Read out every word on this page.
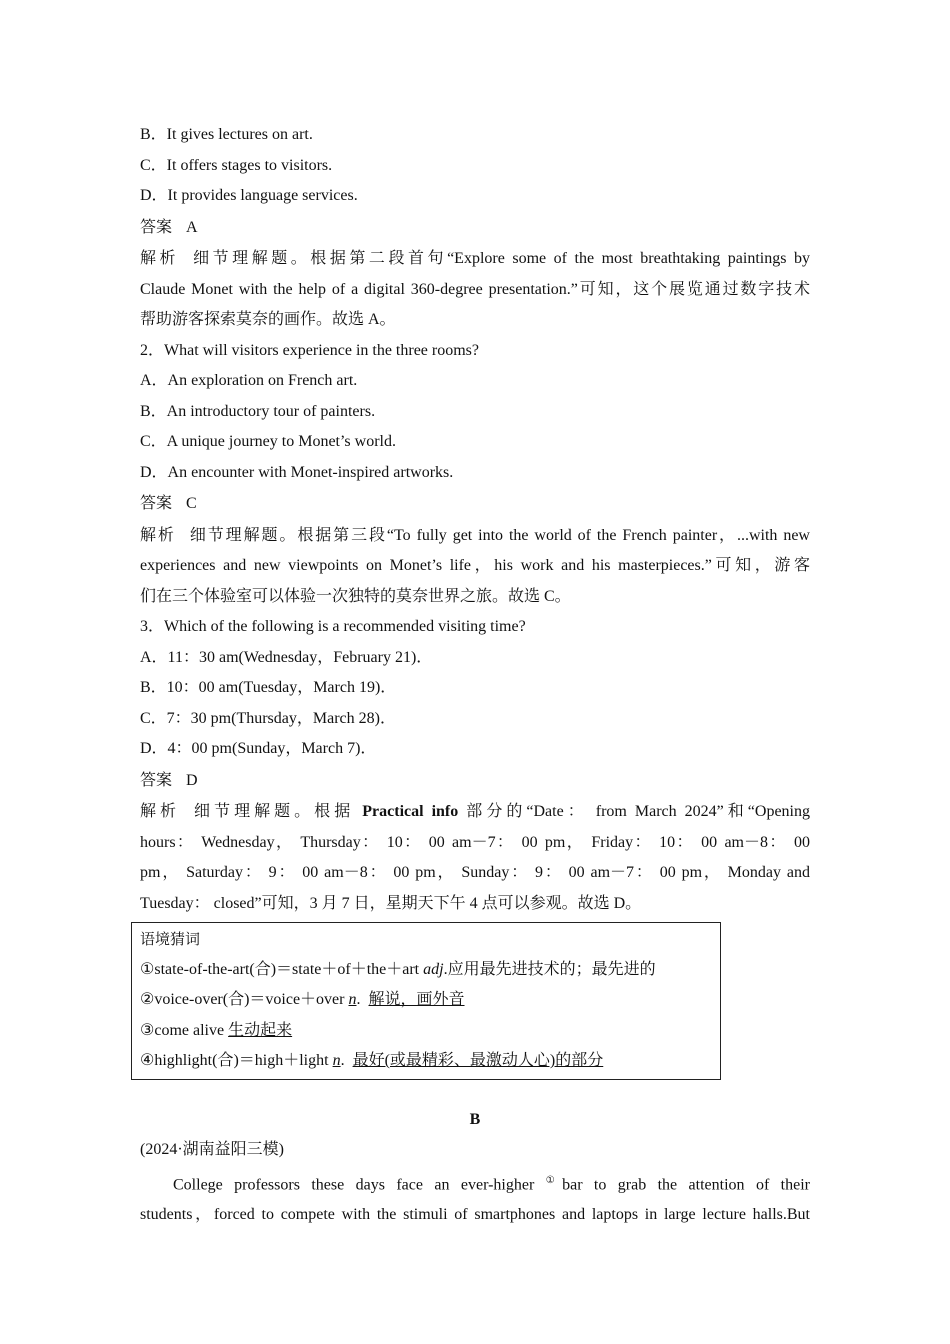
B．It gives lectures on art.
C．It offers stages to visitors.
D．It provides language services.
答案 A
解析 细节理解题。根据第二段首句“Explore some of the most breathtaking paintings by
Claude Monet with the help of a digital 360-degree presentation.”可知，这个展览通过数字技术
帮助游客探索莫奈的画作。故选 A。
2．What will visitors experience in the three rooms?
A．An exploration on French art.
B．An introductory tour of painters.
C．A unique journey to Monet’s world.
D．An encounter with Monet-inspired artworks.
答案 C
解析 细节理解题。根据第三段“To fully get into the world of the French painter，...with new
experiences and new viewpoints on Monet’s life，his work and his masterpieces.”可知，游客
们在三个体验室可以体验一次独特的莫奈世界之旅。故选 C。
3．Which of the following is a recommended visiting time?
A．11：30 am(Wednesday，February 21)．
B．10：00 am(Tuesday，March 19)．
C．7：30 pm(Thursday，March 28)．
D．4：00 pm(Sunday，March 7)．
答案 D
解析 细节理解题。根据 Practical info 部分的“Date： from March 2024”和“Opening
hours： Wednesday， Thursday： 10： 00 am－7： 00 pm， Friday： 10： 00 am－8： 00
pm， Saturday： 9： 00 am－8： 00 pm， Sunday： 9： 00 am－7： 00 pm， Monday and
Tuesday： closed”可知，3 月 7 日，星期天下午 4 点可以参观。故选 D。
语境猜词
①state-of-the-art(合)＝state＋of＋the＋art adj.应用最先进技术的；最先进的
②voice-over(合)＝voice＋over n.  解说，画外音
③come alive 生动起来
④highlight(合)＝high＋light n.  最好(或最精彩、最激动人心)的部分
B
(2024·湖南益阳三模)
College professors these days face an ever-higher ①bar to grab the attention of their
students，forced to compete with the stimuli of smartphones and laptops in large lecture halls.But
